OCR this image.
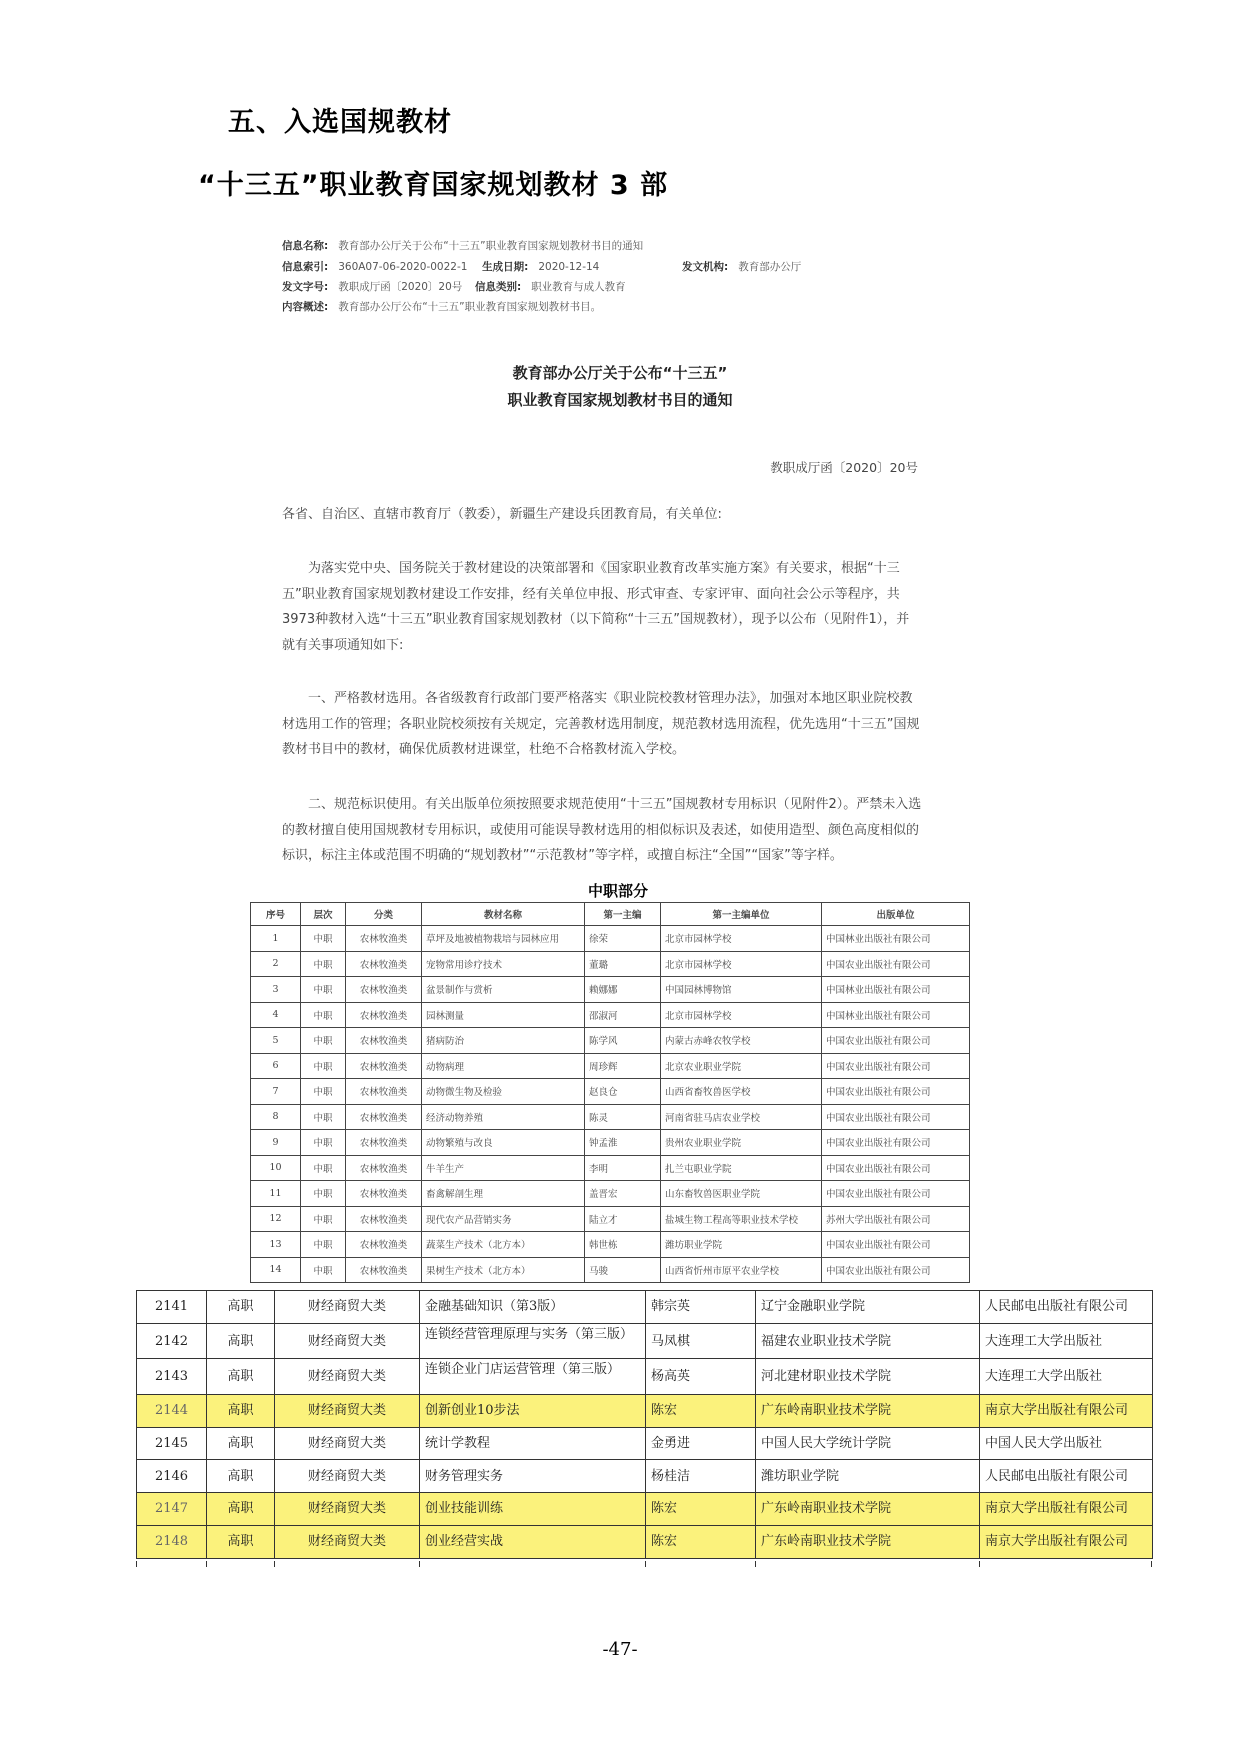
五、入选国规教材
“十三五”职业教育国家规划教材 3 部
信息名称: 教育部办公厅关于公布“十三五”职业教育国家规划教材书目的通知
信息索引: 360A07-06-2020-0022-1 生成日期: 2020-12-14	发文机构: 教育部办公厅
发文字号: 教职成厅函〔2020〕20号 信息类别: 职业教育与成人教育
内容概述: 教育部办公厅公布“十三五”职业教育国家规划教材书目。
教育部办公厅关于公布“十三五”
职业教育国家规划教材书目的通知
教职成厅函〔2020〕20号
各省、自治区、直辖市教育厅（教委），新疆生产建设兵团教育局，有关单位:
为落实党中央、国务院关于教材建设的决策部署和《国家职业教育改革实施方案》有关要求，根据“十三五”职业教育国家规划教材建设工作安排，经有关单位申报、形式审查、专家评审、面向社会公示等程序，共3973种教材入选“十三五”职业教育国家规划教材（以下简称“十三五”国规教材），现予以公布（见附件1），并就有关事项通知如下:
一、严格教材选用。各省级教育行政部门要严格落实《职业院校教材管理办法》，加强对本地区职业院校教材选用工作的管理；各职业院校须按有关规定，完善教材选用制度，规范教材选用流程，优先选用“十三五”国规教材书目中的教材，确保优质教材进课堂，杜绝不合格教材流入学校。
二、规范标识使用。有关出版单位须按照要求规范使用“十三五”国规教材专用标识（见附件2）。严禁未入选的教材擅自使用国规教材专用标识，或使用可能误导教材选用的相似标识及表述，如使用造型、颜色高度相似的标识，标注主体或范围不明确的“规划教材”“示范教材”等字样，或擅自标注“全国”“国家”等字样。
中职部分
序号	层次	分类	教材名称	第一主编	第一主编单位	出版单位
1	中职	农林牧渔类	草坪及地被植物栽培与园林应用	徐荣	北京市园林学校	中国林业出版社有限公司
2	中职	农林牧渔类	宠物常用诊疗技术	董璐	北京市园林学校	中国农业出版社有限公司
3	中职	农林牧渔类	盆景制作与赏析	赖娜娜	中国园林博物馆	中国林业出版社有限公司
4	中职	农林牧渔类	园林测量	邵淑河	北京市园林学校	中国林业出版社有限公司
5	中职	农林牧渔类	猪病防治	陈学风	内蒙古赤峰农牧学校	中国农业出版社有限公司
6	中职	农林牧渔类	动物病理	周珍辉	北京农业职业学院	中国农业出版社有限公司
7	中职	农林牧渔类	动物微生物及检验	赵良仓	山西省畜牧兽医学校	中国农业出版社有限公司
8	中职	农林牧渔类	经济动物养殖	陈灵	河南省驻马店农业学校	中国农业出版社有限公司
9	中职	农林牧渔类	动物繁殖与改良	钟孟淮	贵州农业职业学院	中国农业出版社有限公司
10	中职	农林牧渔类	牛羊生产	李明	扎兰屯职业学院	中国农业出版社有限公司
11	中职	农林牧渔类	畜禽解剖生理	盖晋宏	山东畜牧兽医职业学院	中国农业出版社有限公司
12	中职	农林牧渔类	现代农产品营销实务	陆立才	盐城生物工程高等职业技术学校	苏州大学出版社有限公司
13	中职	农林牧渔类	蔬菜生产技术（北方本）	韩世栋	潍坊职业学院	中国农业出版社有限公司
14	中职	农林牧渔类	果树生产技术（北方本）	马骏	山西省忻州市原平农业学校	中国农业出版社有限公司
2141	高职	财经商贸大类	金融基础知识（第3版）	韩宗英	辽宁金融职业学院	人民邮电出版社有限公司
2142	高职	财经商贸大类	连锁经营管理原理与实务（第三版）	马凤棋	福建农业职业技术学院	大连理工大学出版社
2143	高职	财经商贸大类	连锁企业门店运营管理（第三版）	杨高英	河北建材职业技术学院	大连理工大学出版社
2144	高职	财经商贸大类	创新创业10步法	陈宏	广东岭南职业技术学院	南京大学出版社有限公司
2145	高职	财经商贸大类	统计学教程	金勇进	中国人民大学统计学院	中国人民大学出版社
2146	高职	财经商贸大类	财务管理实务	杨桂洁	潍坊职业学院	人民邮电出版社有限公司
2147	高职	财经商贸大类	创业技能训练	陈宏	广东岭南职业技术学院	南京大学出版社有限公司
2148	高职	财经商贸大类	创业经营实战	陈宏	广东岭南职业技术学院	南京大学出版社有限公司
-47-
